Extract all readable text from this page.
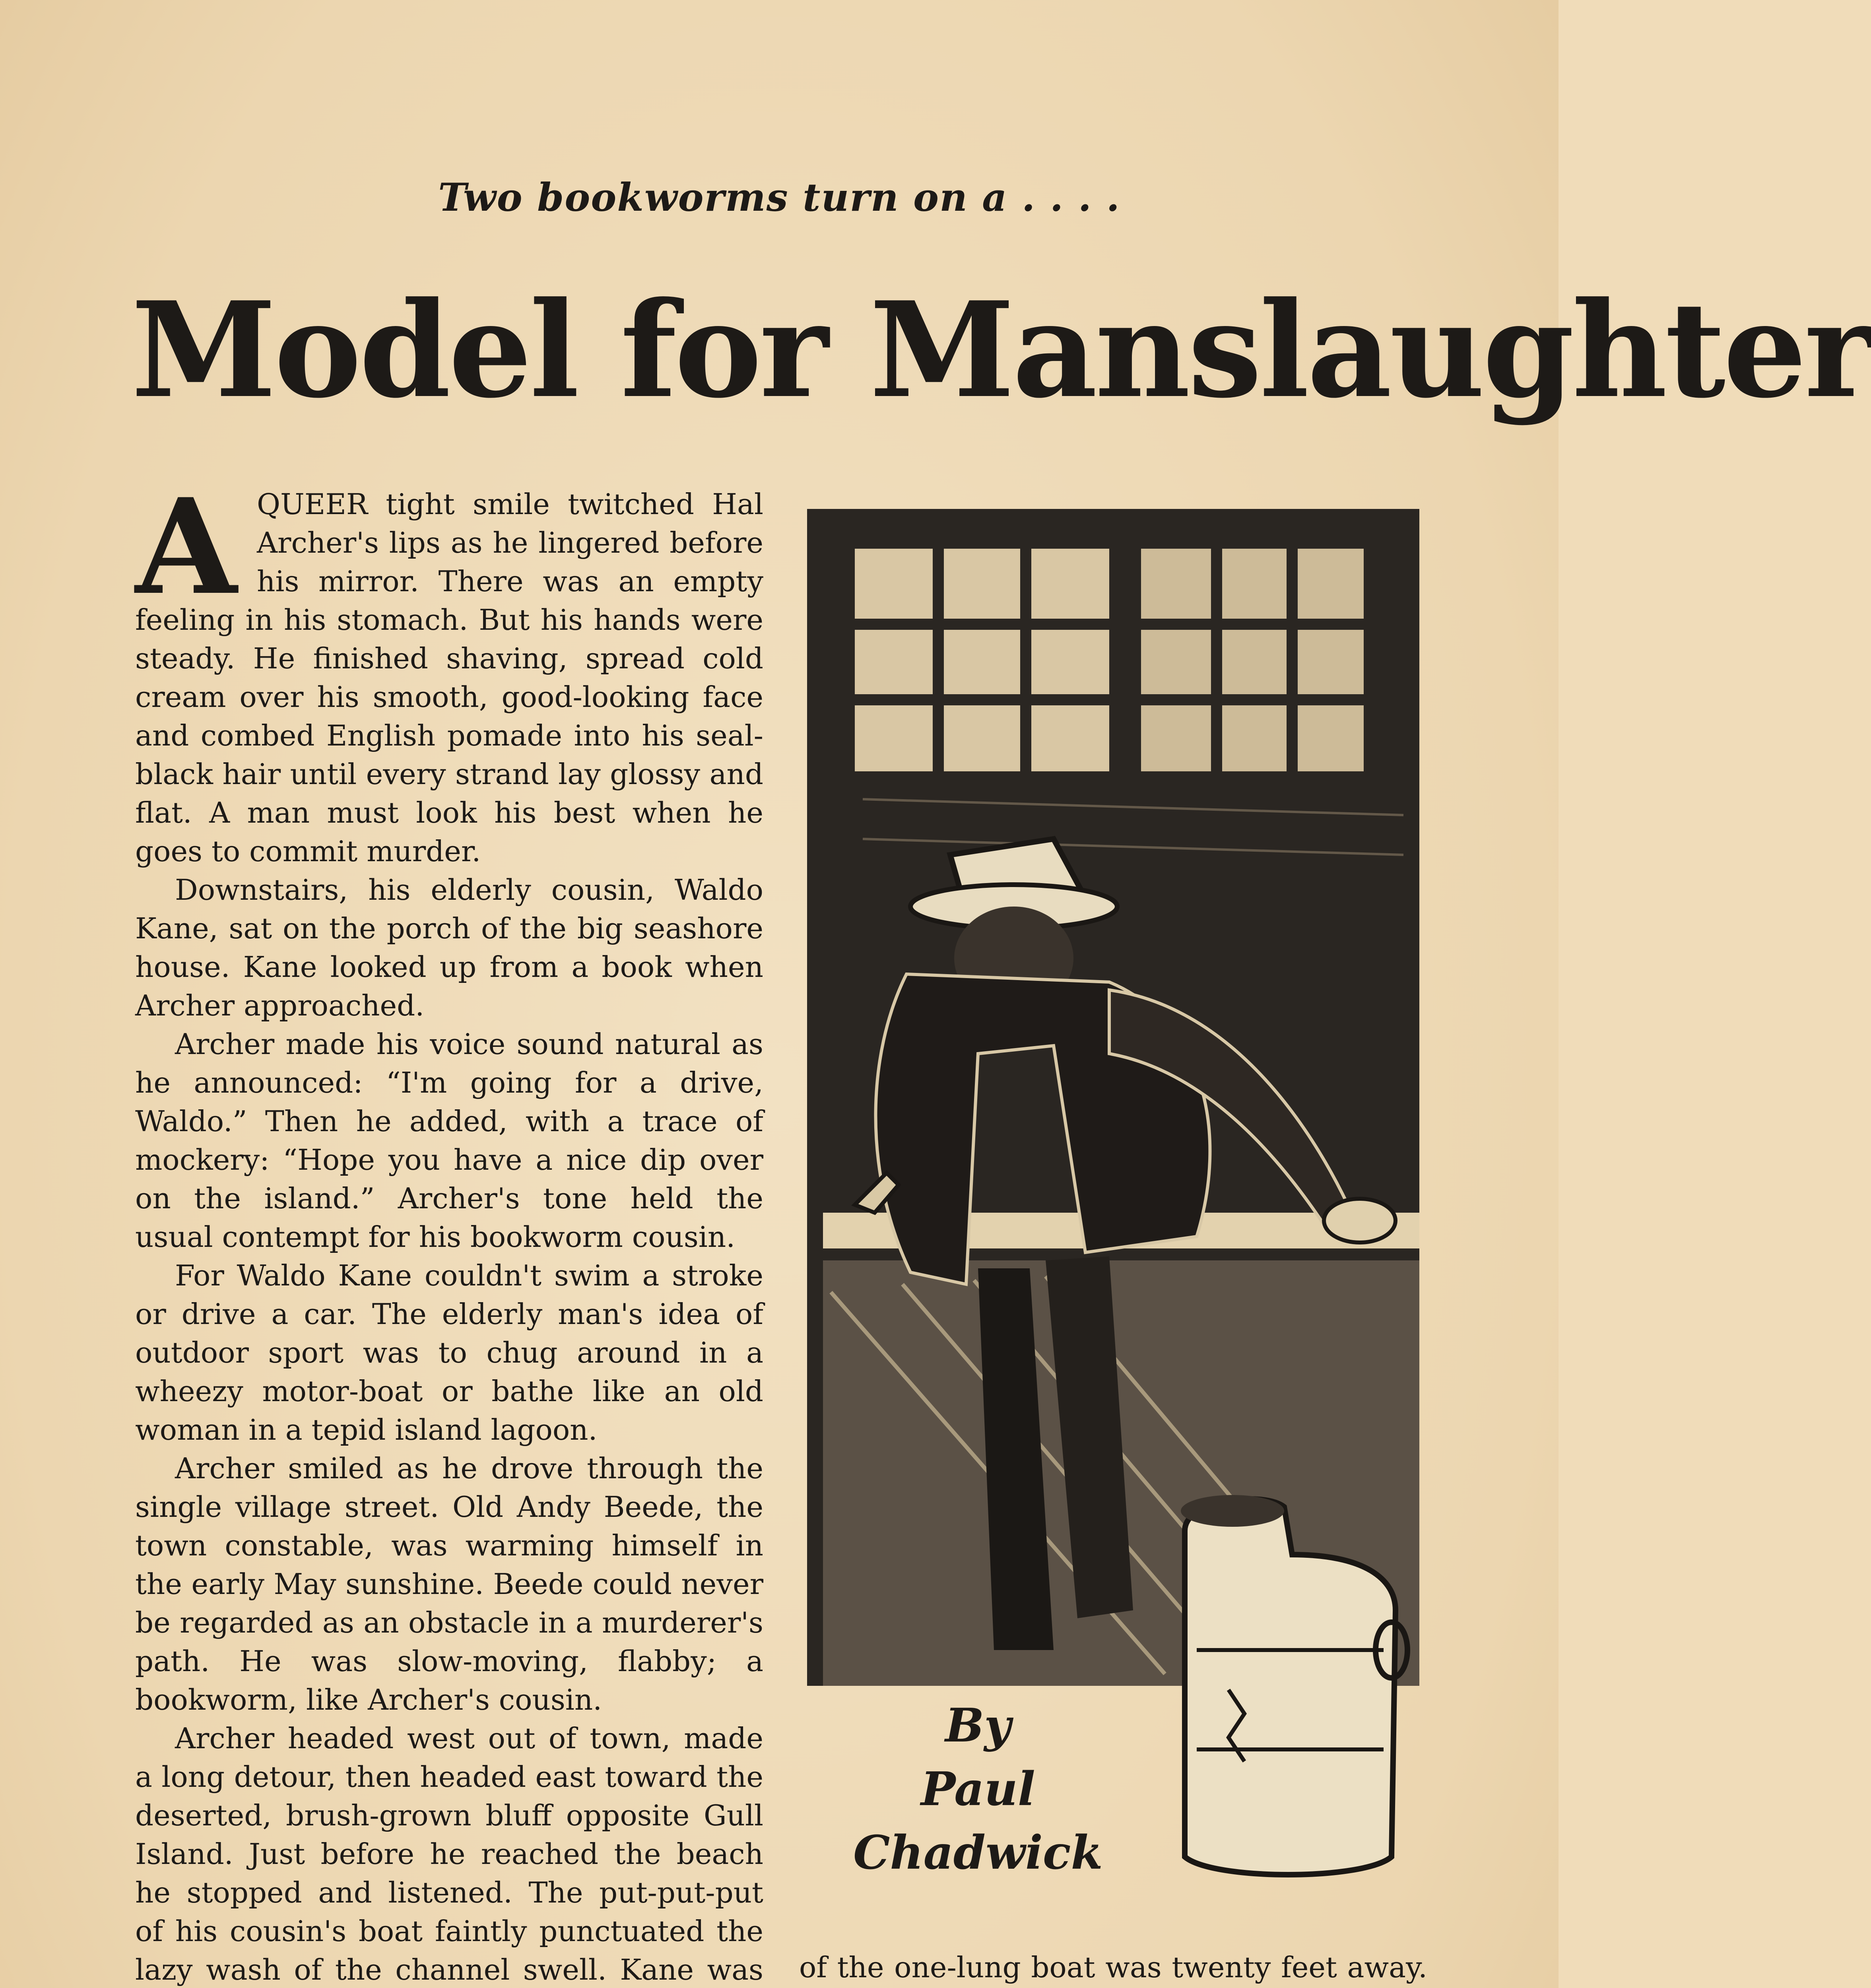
Two bookworms turn on a . . . .
Model for Manslaughter

AQUEER tight smile twitched Hal Archer's lips as he lingered before his mirror. There was an empty feeling in his stomach. But his hands were steady. He finished shaving, spread cold cream over his smooth, good-looking face and combed English pomade into his seal-black hair until every strand lay glossy and flat. A man must look his best when he goes to commit murder.

Downstairs, his elderly cousin, Waldo Kane, sat on the porch of the big seashore house. Kane looked up from a book when Archer approached.

Archer made his voice sound natural as he announced: “I'm going for a drive, Waldo.” Then he added, with a trace of mockery: “Hope you have a nice dip over on the island.” Archer's tone held the usual contempt for his bookworm cousin.

For Waldo Kane couldn't swim a stroke or drive a car. The elderly man's idea of outdoor sport was to chug around in a wheezy motor-boat or bathe like an old woman in a tepid island lagoon.

Archer smiled as he drove through the single village street. Old Andy Beede, the town constable, was warming himself in the early May sunshine. Beede could never be regarded as an obstacle in a murderer's path. He was slow-moving, flabby; a bookworm, like Archer's cousin.

Archer headed west out of town, made a long detour, then headed east toward the deserted, brush-grown bluff opposite Gull Island. Just before he reached the beach he stopped and listened. The put-put-put of his cousin's boat faintly punctuated the lazy wash of the channel swell. Kane was

By
Paul
Chadwick

of the one-lung boat was twenty feet away.
